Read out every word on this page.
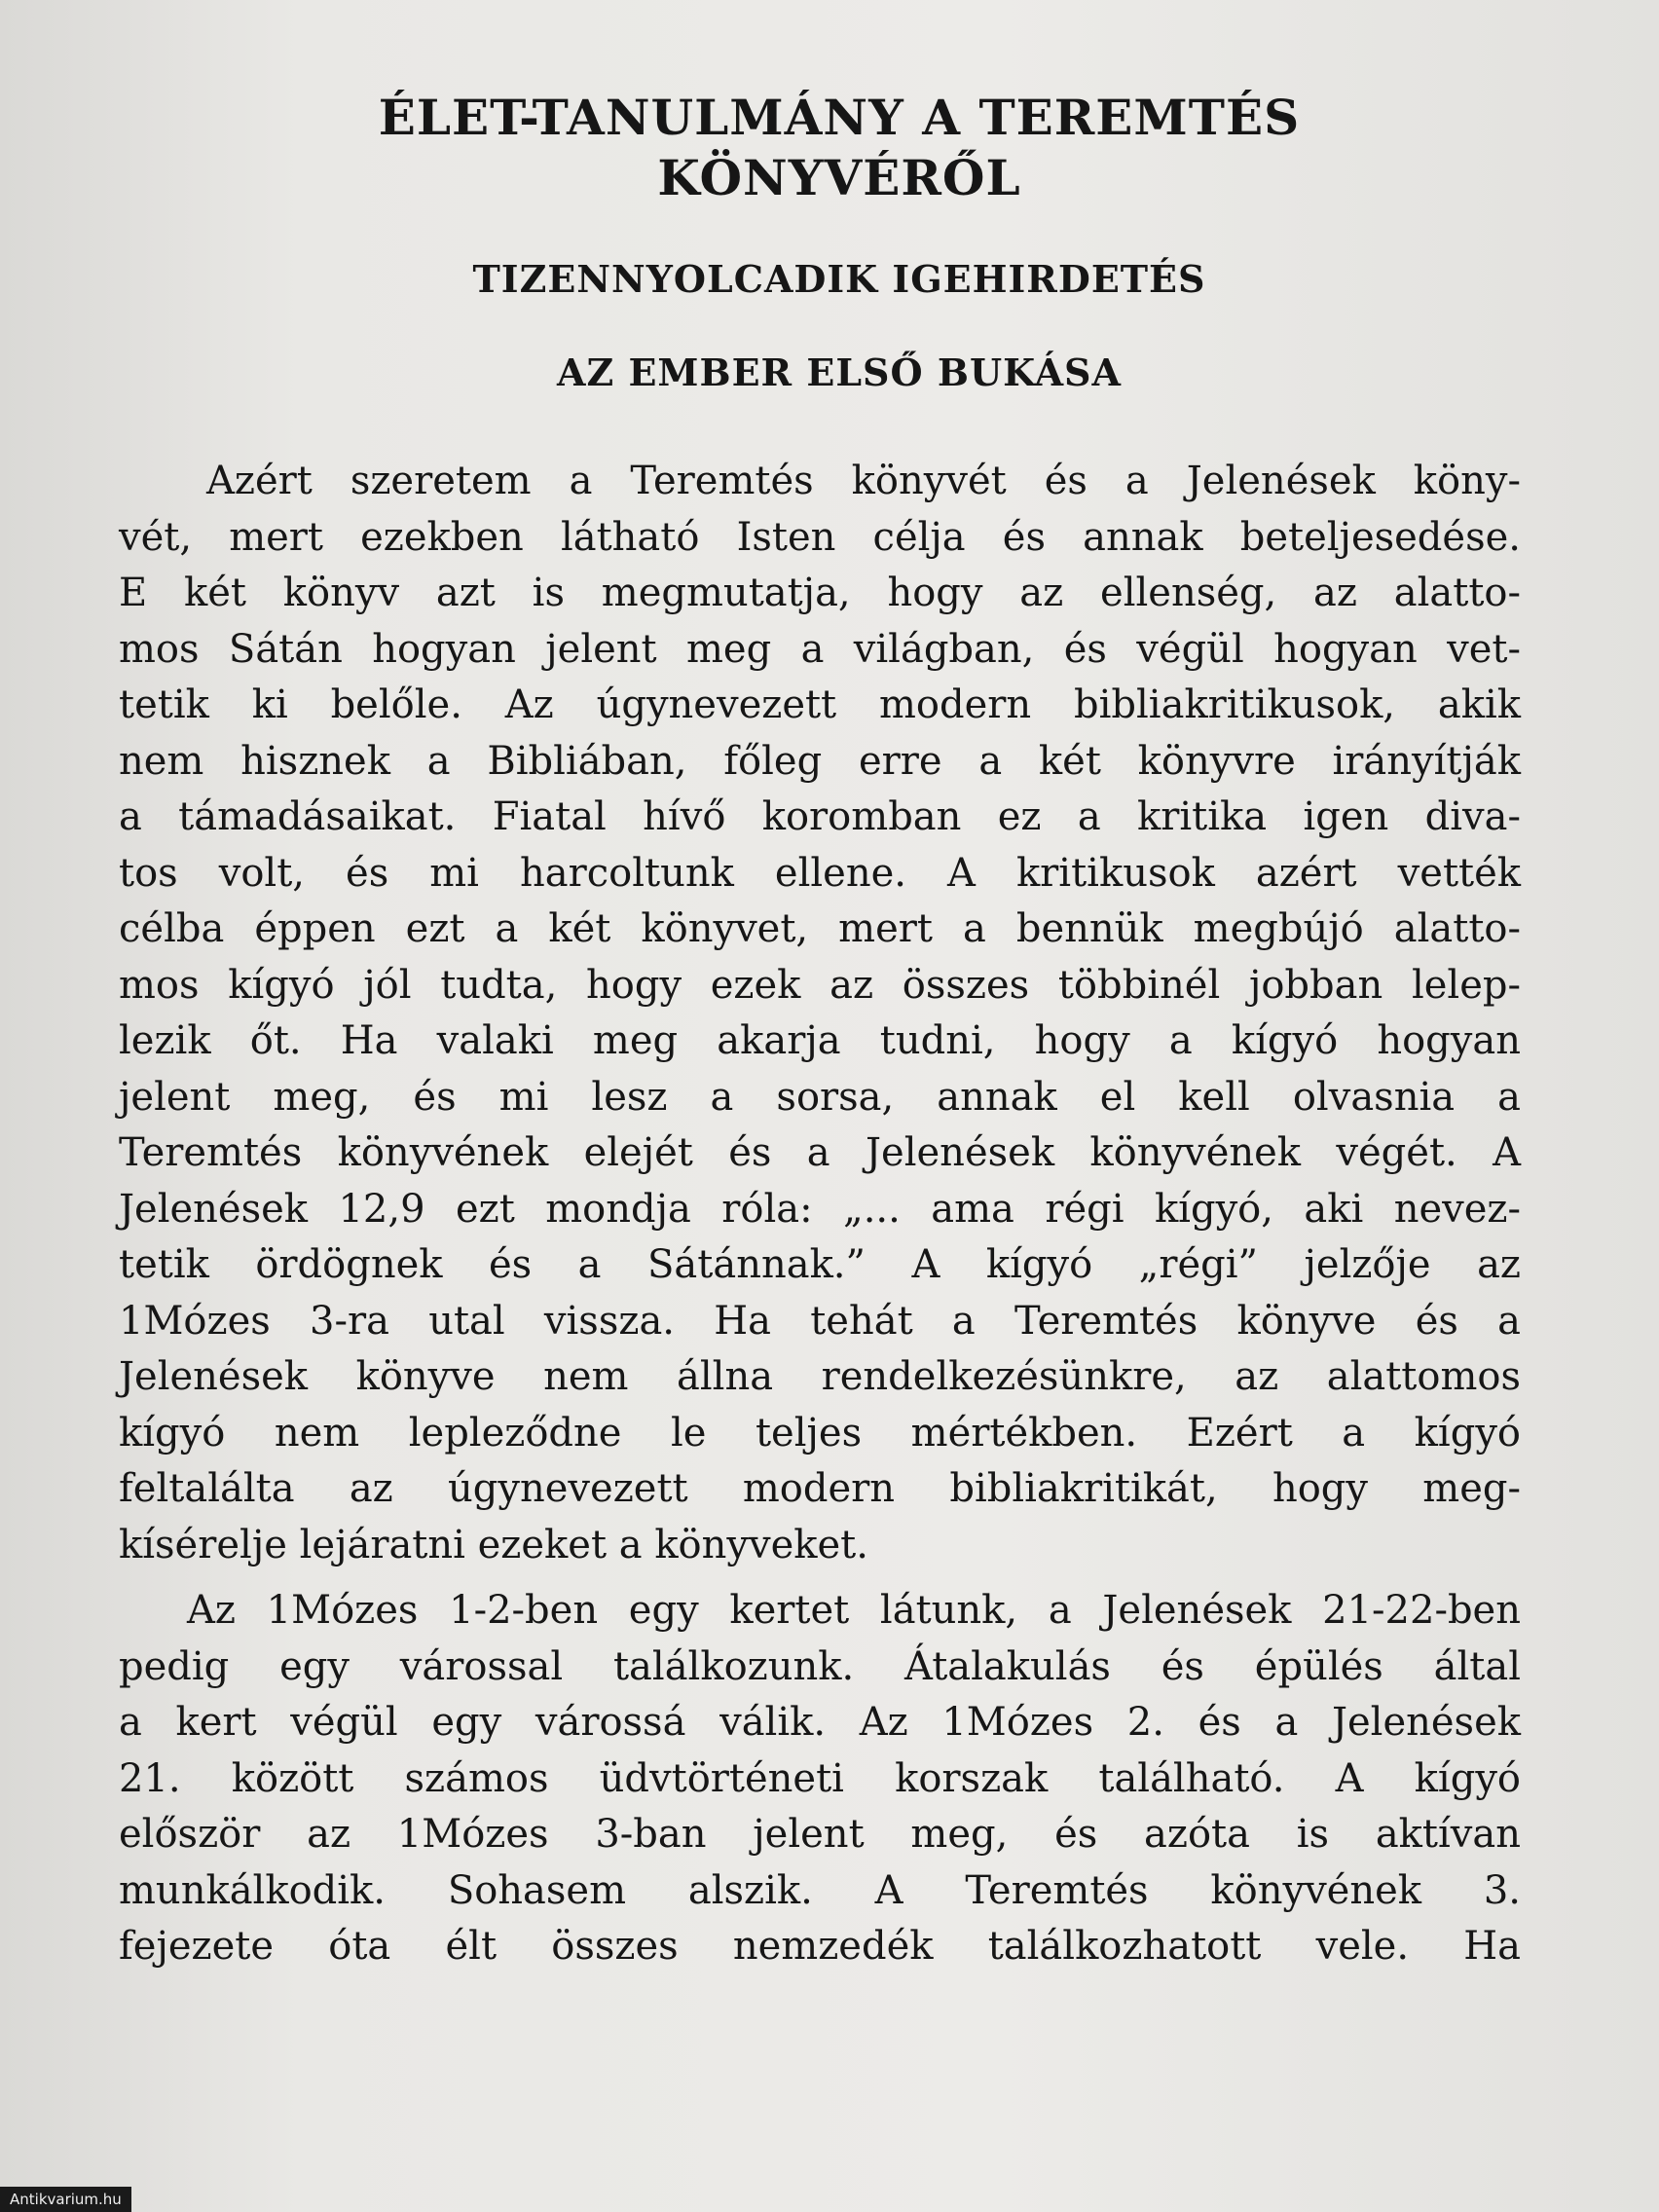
ÉLET-TANULMÁNY A TEREMTÉS
KÖNYVÉRŐL
TIZENNYOLCADIK IGEHIRDETÉS
AZ EMBER ELSŐ BUKÁSA
Azért szeretem a Teremtés könyvét és a Jelenések köny-
vét, mert ezekben látható Isten célja és annak beteljesedése.
E két könyv azt is megmutatja, hogy az ellenség, az alatto-
mos Sátán hogyan jelent meg a világban, és végül hogyan vet-
tetik ki belőle. Az úgynevezett modern bibliakritikusok, akik
nem hisznek a Bibliában, főleg erre a két könyvre irányítják
a támadásaikat. Fiatal hívő koromban ez a kritika igen diva-
tos volt, és mi harcoltunk ellene. A kritikusok azért vették
célba éppen ezt a két könyvet, mert a bennük megbújó alatto-
mos kígyó jól tudta, hogy ezek az összes többinél jobban lelep-
lezik őt. Ha valaki meg akarja tudni, hogy a kígyó hogyan
jelent meg, és mi lesz a sorsa, annak el kell olvasnia a
Teremtés könyvének elejét és a Jelenések könyvének végét. A
Jelenések 12,9 ezt mondja róla: „... ama régi kígyó, aki nevez-
tetik ördögnek és a Sátánnak.” A kígyó „régi” jelzője az
1Mózes 3-ra utal vissza. Ha tehát a Teremtés könyve és a
Jelenések könyve nem állna rendelkezésünkre, az alattomos
kígyó nem lepleződne le teljes mértékben. Ezért a kígyó
feltalálta az úgynevezett modern bibliakritikát, hogy meg-
kísérelje lejáratni ezeket a könyveket.
Az 1Mózes 1-2-ben egy kertet látunk, a Jelenések 21-22-ben
pedig egy várossal találkozunk. Átalakulás és épülés által
a kert végül egy várossá válik. Az 1Mózes 2. és a Jelenések
21. között számos üdvtörténeti korszak található. A kígyó
először az 1Mózes 3-ban jelent meg, és azóta is aktívan
munkálkodik. Sohasem alszik. A Teremtés könyvének 3.
fejezete óta élt összes nemzedék találkozhatott vele. Ha
Antikvarium.hu
